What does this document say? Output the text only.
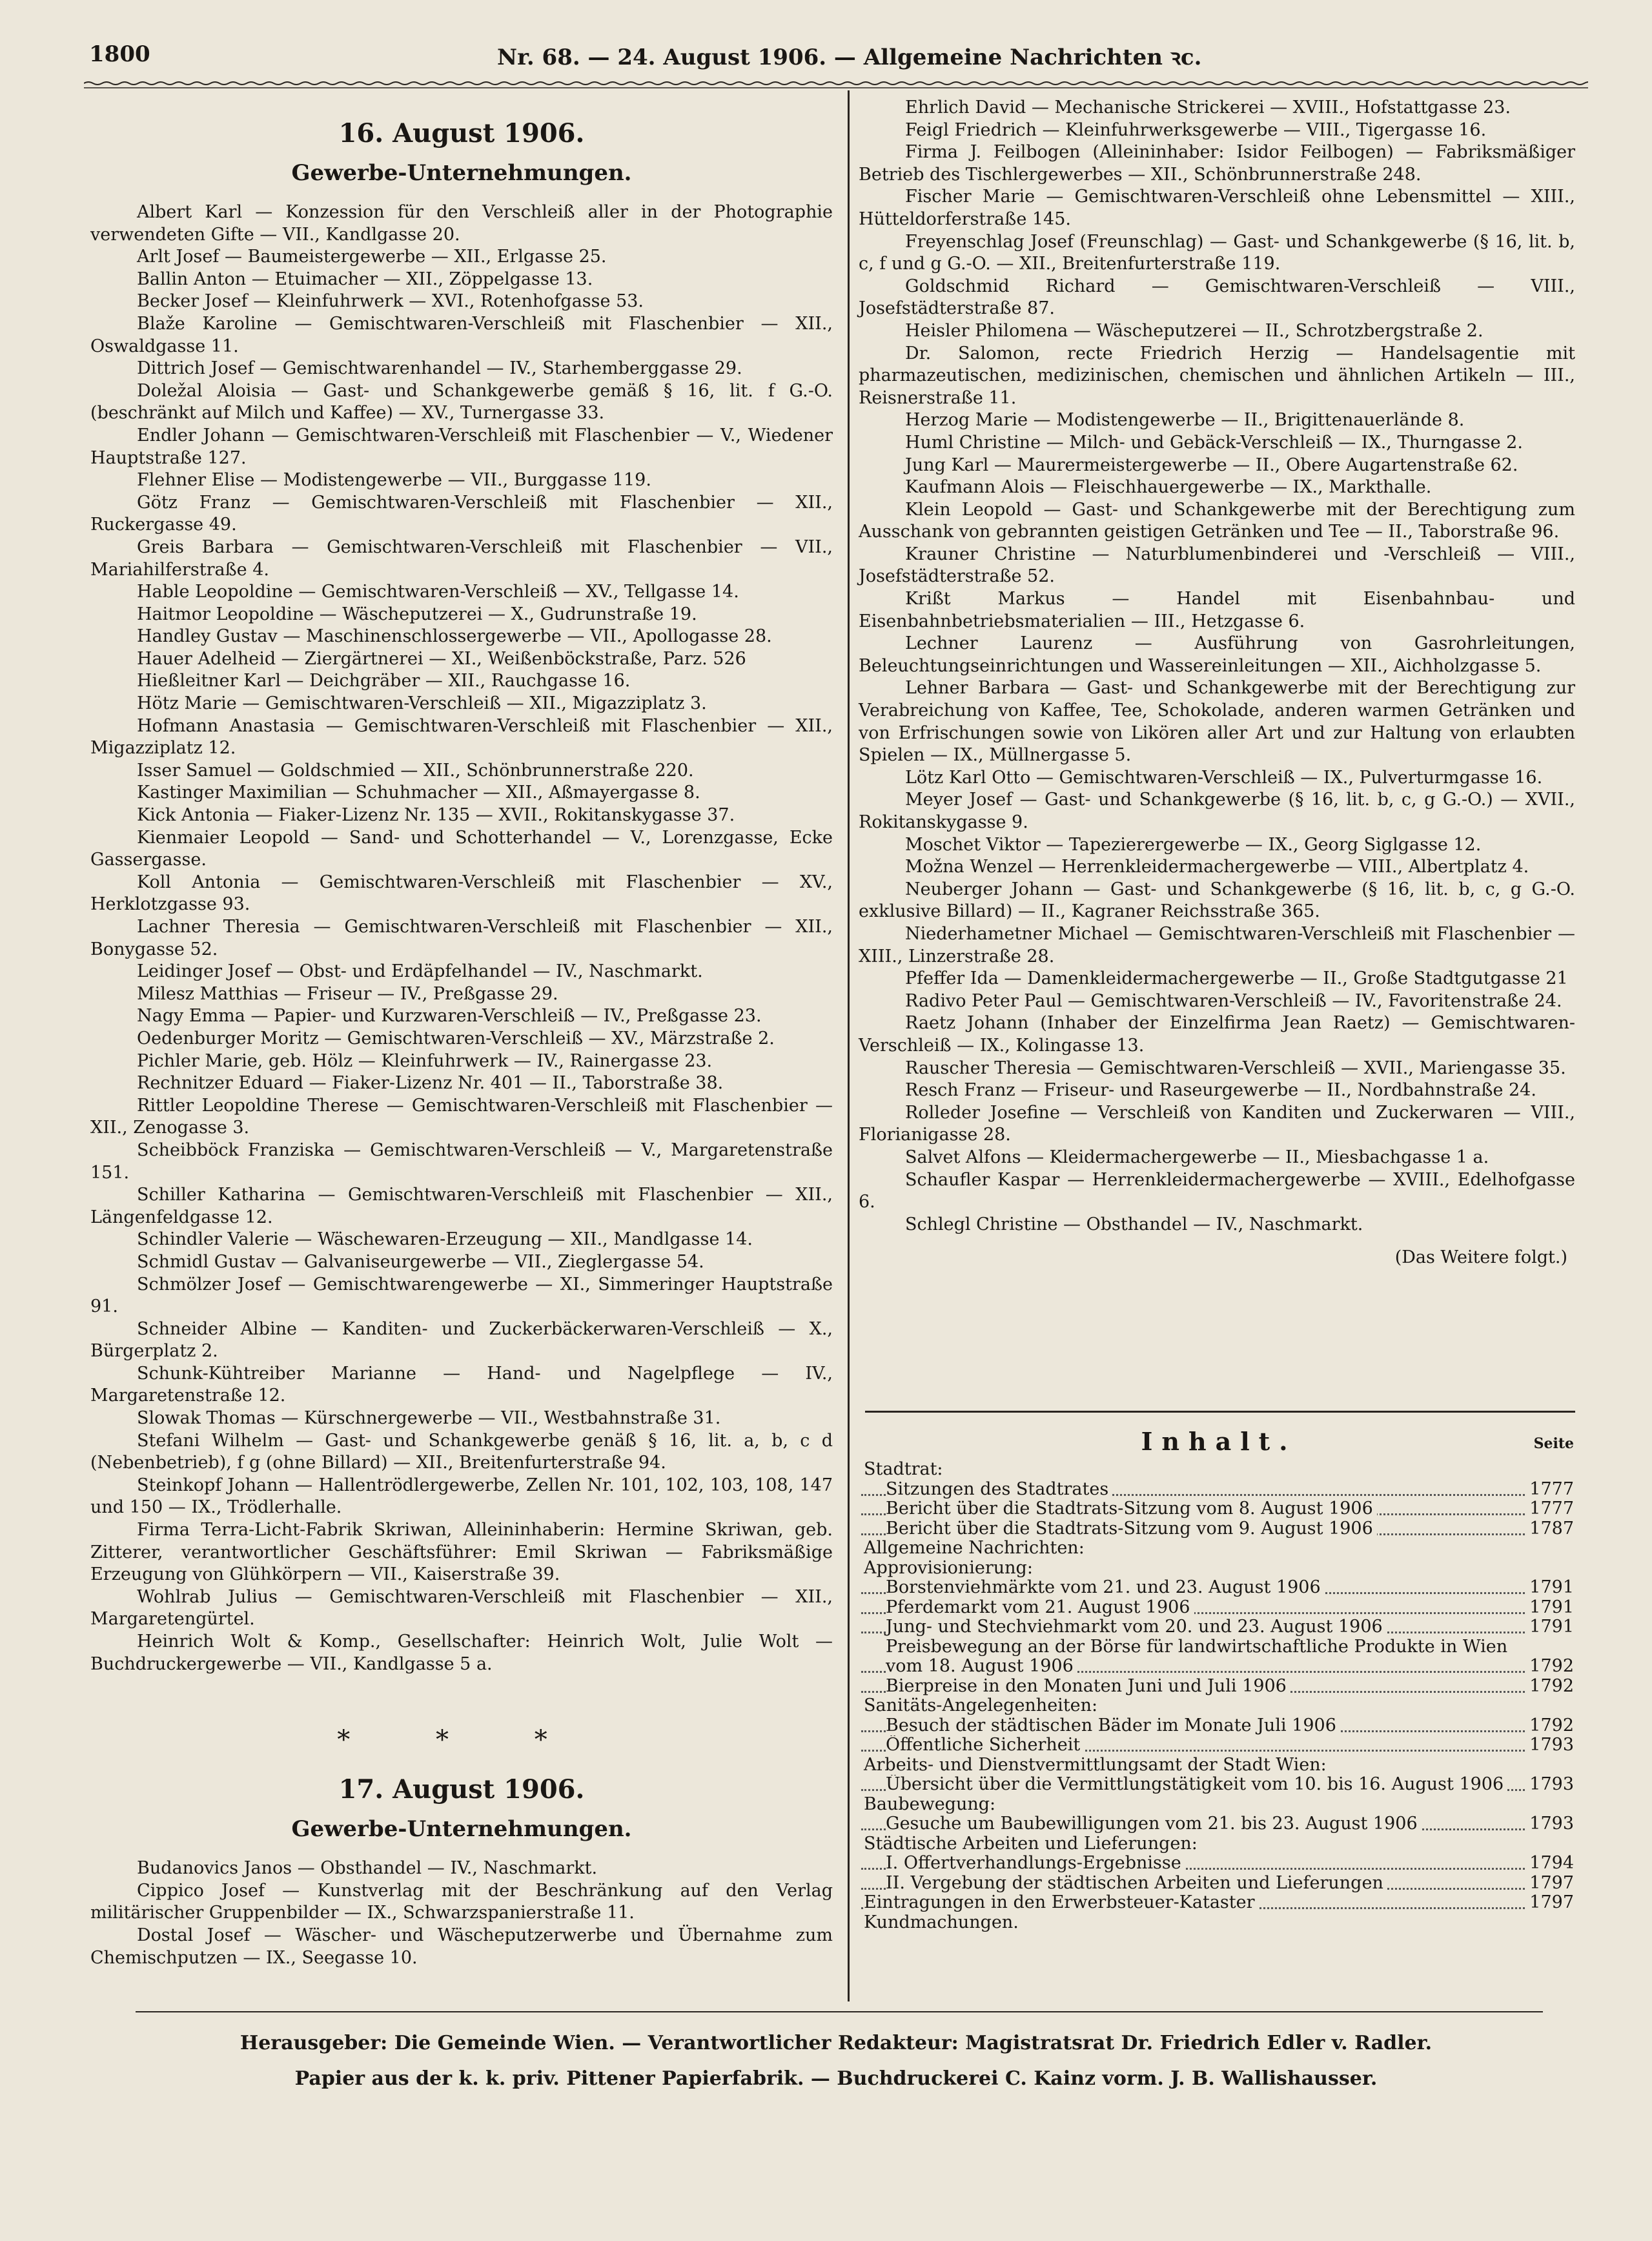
1800	Nr. 68. — 24. August 1906. — Allgemeine Nachrichten ꝛc.
16. August 1906.
Gewerbe-Unternehmungen.

Albert Karl — Konzession für den Verschleiß aller in der Photographie verwendeten Gifte — VII., Kandlgasse 20.

Arlt Josef — Baumeistergewerbe — XII., Erlgasse 25.

Ballin Anton — Etuimacher — XII., Zöppelgasse 13.

Becker Josef — Kleinfuhrwerk — XVI., Rotenhofgasse 53.

Blaže Karoline — Gemischtwaren-Verschleiß mit Flaschenbier — XII., Oswaldgasse 11.

Dittrich Josef — Gemischtwarenhandel — IV., Starhemberggasse 29.

Doležal Aloisia — Gast- und Schankgewerbe gemäß § 16, lit. f G.-O. (beschränkt auf Milch und Kaffee) — XV., Turnergasse 33.

Endler Johann — Gemischtwaren-Verschleiß mit Flaschenbier — V., Wiedener Hauptstraße 127.

Flehner Elise — Modistengewerbe — VII., Burggasse 119.

Götz Franz — Gemischtwaren-Verschleiß mit Flaschenbier — XII., Ruckergasse 49.

Greis Barbara — Gemischtwaren-Verschleiß mit Flaschenbier — VII., Mariahilferstraße 4.

Hable Leopoldine — Gemischtwaren-Verschleiß — XV., Tellgasse 14.

Haitmor Leopoldine — Wäscheputzerei — X., Gudrunstraße 19.

Handley Gustav — Maschinenschlossergewerbe — VII., Apollogasse 28.

Hauer Adelheid — Ziergärtnerei — XI., Weißenböckstraße, Parz. 526

Hießleitner Karl — Deichgräber — XII., Rauchgasse 16.

Hötz Marie — Gemischtwaren-Verschleiß — XII., Migazziplatz 3.

Hofmann Anastasia — Gemischtwaren-Verschleiß mit Flaschenbier — XII., Migazziplatz 12.

Isser Samuel — Goldschmied — XII., Schönbrunnerstraße 220.

Kastinger Maximilian — Schuhmacher — XII., Aßmayergasse 8.

Kick Antonia — Fiaker-Lizenz Nr. 135 — XVII., Rokitanskygasse 37.

Kienmaier Leopold — Sand- und Schotterhandel — V., Lorenzgasse, Ecke Gassergasse.

Koll Antonia — Gemischtwaren-Verschleiß mit Flaschenbier — XV., Herklotzgasse 93.

Lachner Theresia — Gemischtwaren-Verschleiß mit Flaschenbier — XII., Bonygasse 52.

Leidinger Josef — Obst- und Erdäpfelhandel — IV., Naschmarkt.

Milesz Matthias — Friseur — IV., Preßgasse 29.

Nagy Emma — Papier- und Kurzwaren-Verschleiß — IV., Preßgasse 23.

Oedenburger Moritz — Gemischtwaren-Verschleiß — XV., Märzstraße 2.

Pichler Marie, geb. Hölz — Kleinfuhrwerk — IV., Rainergasse 23.

Rechnitzer Eduard — Fiaker-Lizenz Nr. 401 — II., Taborstraße 38.

Rittler Leopoldine Therese — Gemischtwaren-Verschleiß mit Flaschenbier — XII., Zenogasse 3.

Scheibböck Franziska — Gemischtwaren-Verschleiß — V., Margaretenstraße 151.

Schiller Katharina — Gemischtwaren-Verschleiß mit Flaschenbier — XII., Längenfeldgasse 12.

Schindler Valerie — Wäschewaren-Erzeugung — XII., Mandlgasse 14.

Schmidl Gustav — Galvaniseurgewerbe — VII., Zieglergasse 54.

Schmölzer Josef — Gemischtwarengewerbe — XI., Simmeringer Hauptstraße 91.

Schneider Albine — Kanditen- und Zuckerbäckerwaren-Verschleiß — X., Bürgerplatz 2.

Schunk-Kühtreiber Marianne — Hand- und Nagelpflege — IV., Margaretenstraße 12.

Slowak Thomas — Kürschnergewerbe — VII., Westbahnstraße 31.

Stefani Wilhelm — Gast- und Schankgewerbe genäß § 16, lit. a, b, c d (Nebenbetrieb), f g (ohne Billard) — XII., Breitenfurterstraße 94.

Steinkopf Johann — Hallentrödlergewerbe, Zellen Nr. 101, 102, 103, 108, 147 und 150 — IX., Trödlerhalle.

Firma Terra-Licht-Fabrik Skriwan, Alleininhaberin: Hermine Skriwan, geb. Zitterer, verantwortlicher Geschäftsführer: Emil Skriwan — Fabriksmäßige Erzeugung von Glühkörpern — VII., Kaiserstraße 39.

Wohlrab Julius — Gemischtwaren-Verschleiß mit Flaschenbier — XII., Margaretengürtel.

Heinrich Wolt & Komp., Gesellschafter: Heinrich Wolt, Julie Wolt — Buchdruckergewerbe — VII., Kandlgasse 5 a.

* * *
17. August 1906.
Gewerbe-Unternehmungen.

Budanovics Janos — Obsthandel — IV., Naschmarkt.

Cippico Josef — Kunstverlag mit der Beschränkung auf den Verlag militärischer Gruppenbilder — IX., Schwarzspanierstraße 11.

Dostal Josef — Wäscher- und Wäscheputzerwerbe und Übernahme zum Chemischputzen — IX., Seegasse 10.

Ehrlich David — Mechanische Strickerei — XVIII., Hofstattgasse 23.

Feigl Friedrich — Kleinfuhrwerksgewerbe — VIII., Tigergasse 16.

Firma J. Feilbogen (Alleininhaber: Isidor Feilbogen) — Fabriksmäßiger Betrieb des Tischlergewerbes — XII., Schönbrunnerstraße 248.

Fischer Marie — Gemischtwaren-Verschleiß ohne Lebensmittel — XIII., Hütteldorferstraße 145.

Freyenschlag Josef (Freunschlag) — Gast- und Schankgewerbe (§ 16, lit. b, c, f und g G.-O. — XII., Breitenfurterstraße 119.

Goldschmid Richard — Gemischtwaren-Verschleiß — VIII., Josefstädterstraße 87.

Heisler Philomena — Wäscheputzerei — II., Schrotzbergstraße 2.

Dr. Salomon, recte Friedrich Herzig — Handelsagentie mit pharmazeutischen, medizinischen, chemischen und ähnlichen Artikeln — III., Reisnerstraße 11.

Herzog Marie — Modistengewerbe — II., Brigittenauerlände 8.

Huml Christine — Milch- und Gebäck-Verschleiß — IX., Thurngasse 2.

Jung Karl — Maurermeistergewerbe — II., Obere Augartenstraße 62.

Kaufmann Alois — Fleischhauergewerbe — IX., Markthalle.

Klein Leopold — Gast- und Schankgewerbe mit der Berechtigung zum Ausschank von gebrannten geistigen Getränken und Tee — II., Taborstraße 96.

Krauner Christine — Naturblumenbinderei und -Verschleiß — VIII., Josefstädterstraße 52.

Krißt Markus — Handel mit Eisenbahnbau- und Eisenbahnbetriebsmaterialien — III., Hetzgasse 6.

Lechner Laurenz — Ausführung von Gasrohrleitungen, Beleuchtungseinrichtungen und Wassereinleitungen — XII., Aichholzgasse 5.

Lehner Barbara — Gast- und Schankgewerbe mit der Berechtigung zur Verabreichung von Kaffee, Tee, Schokolade, anderen warmen Getränken und von Erfrischungen sowie von Likören aller Art und zur Haltung von erlaubten Spielen — IX., Müllnergasse 5.

Lötz Karl Otto — Gemischtwaren-Verschleiß — IX., Pulverturmgasse 16.

Meyer Josef — Gast- und Schankgewerbe (§ 16, lit. b, c, g G.-O.) — XVII., Rokitanskygasse 9.

Moschet Viktor — Tapezierergewerbe — IX., Georg Siglgasse 12.

Možna Wenzel — Herrenkleidermachergewerbe — VIII., Albertplatz 4.

Neuberger Johann — Gast- und Schankgewerbe (§ 16, lit. b, c, g G.-O. exklusive Billard) — II., Kagraner Reichsstraße 365.

Niederhametner Michael — Gemischtwaren-Verschleiß mit Flaschenbier — XIII., Linzerstraße 28.

Pfeffer Ida — Damenkleidermachergewerbe — II., Große Stadtgutgasse 21

Radivo Peter Paul — Gemischtwaren-Verschleiß — IV., Favoritenstraße 24.

Raetz Johann (Inhaber der Einzelfirma Jean Raetz) — Gemischtwaren-Verschleiß — IX., Kolingasse 13.

Rauscher Theresia — Gemischtwaren-Verschleiß — XVII., Mariengasse 35.

Resch Franz — Friseur- und Raseurgewerbe — II., Nordbahnstraße 24.

Rolleder Josefine — Verschleiß von Kanditen und Zuckerwaren — VIII., Florianigasse 28.

Salvet Alfons — Kleidermachergewerbe — II., Miesbachgasse 1 a.

Schaufler Kaspar — Herrenkleidermachergewerbe — XVIII., Edelhofgasse 6.

Schlegl Christine — Obsthandel — IV., Naschmarkt.

(Das Weitere folgt.)
Inhalt.	Seite
Stadtrat:
Sitzungen des Stadtrates	1777
Bericht über die Stadtrats-Sitzung vom 8. August 1906	1777
Bericht über die Stadtrats-Sitzung vom 9. August 1906	1787
Allgemeine Nachrichten:
Approvisionierung:
Borstenviehmärkte vom 21. und 23. August 1906	1791
Pferdemarkt vom 21. August 1906	1791
Jung- und Stechviehmarkt vom 20. und 23. August 1906	1791
Preisbewegung an der Börse für landwirtschaftliche Produkte in Wien
vom 18. August 1906	1792
Bierpreise in den Monaten Juni und Juli 1906	1792
Sanitäts-Angelegenheiten:
Besuch der städtischen Bäder im Monate Juli 1906	1792
Öffentliche Sicherheit	1793
Arbeits- und Dienstvermittlungsamt der Stadt Wien:
Übersicht über die Vermittlungstätigkeit vom 10. bis 16. August 1906 1793
Baubewegung:
Gesuche um Baubewilligungen vom 21. bis 23. August 1906	1793
Städtische Arbeiten und Lieferungen:
I. Offertverhandlungs-Ergebnisse	1794
II. Vergebung der städtischen Arbeiten und Lieferungen	1797
Eintragungen in den Erwerbsteuer-Kataster	1797
Kundmachungen.
Herausgeber: Die Gemeinde Wien. — Verantwortlicher Redakteur: Magistratsrat Dr. Friedrich Edler v. Radler.
Papier aus der k. k. priv. Pittener Papierfabrik. — Buchdruckerei C. Kainz vorm. J. B. Wallishausser.
